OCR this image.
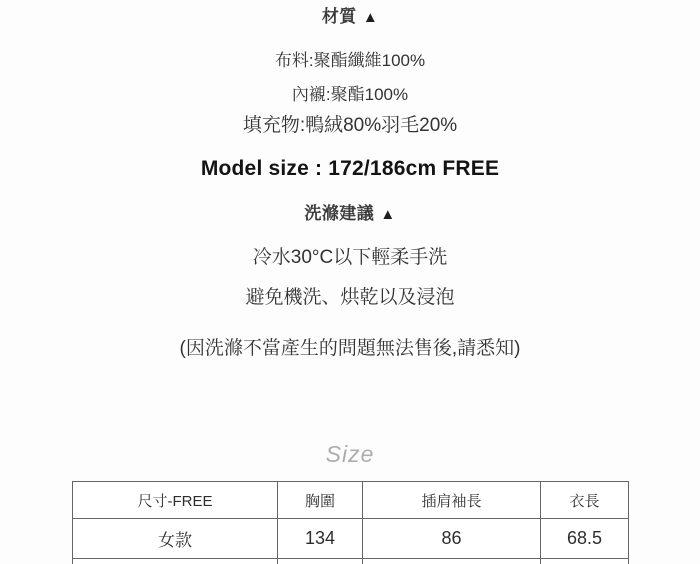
材質 ▲
布料:聚酯纖維100%
內襯:聚酯100%
填充物:鴨絨80%羽毛20%
Model size : 172/186cm FREE
洗滌建議 ▲
冷水30°C以下輕柔手洗
避免機洗、烘乾以及浸泡
(因洗滌不當產生的問題無法售後,請悉知)
Size
尺寸-FREE	胸圍	插肩袖長	衣長
女款	134	86	68.5
